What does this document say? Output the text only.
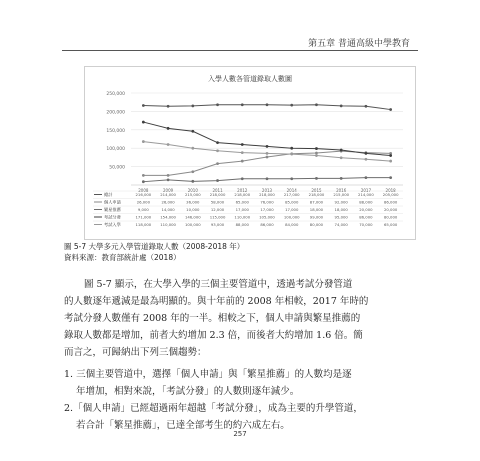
第五章 普通高級中學教育
入學人數各管道錄取人數圖
250,000
200,000
150,000
100,000
50,000
2008	2009	2010	2011	2012	2013	2014	2015	2016	2017	2018
總計	216,000 214,000 215,000 218,000 218,000 218,000 217,000 218,000 215,000 214,000 205,000
個人申請	26,000	26,000	36,000	58,000	65,000	76,000	85,000	87,000	92,000	88,000	86,000
繁星推薦	9,000	14,000	10,000	12,000	17,000	17,000	17,000	18,000	18,000	20,000	20,000
考試分發	171,000 154,000 146,000 115,000 110,000 105,000 100,000	99,000	95,000	86,000	80,000
考試入學	118,000 110,000 100,000	93,000	88,000	86,000	84,000	80,000	74,000	70,000	65,000
圖 5-7 大學多元入學管道錄取人數（2008-2018 年）
資料來源：教育部統計處（2018）
圖 5-7 顯示，在大學入學的三個主要管道中，透過考試分發管道
的人數逐年遞減是最為明顯的。與十年前的 2008 年相較，2017 年時的
考試分發人數僅有 2008 年的一半。相較之下，個人申請與繁星推薦的
錄取人數都是增加，前者大約增加 2.3 倍，而後者大約增加 1.6 倍。簡
而言之，可歸納出下列三個趨勢：
1. 三個主要管道中，選擇「個人申請」與「繁星推薦」的人數均是逐
年增加，相對來說，「考試分發」的人數則逐年減少。
2.「個人申請」已經超過兩年超越「考試分發」，成為主要的升學管道，
若合計「繁星推薦」，已達全部考生的約六成左右。
257
